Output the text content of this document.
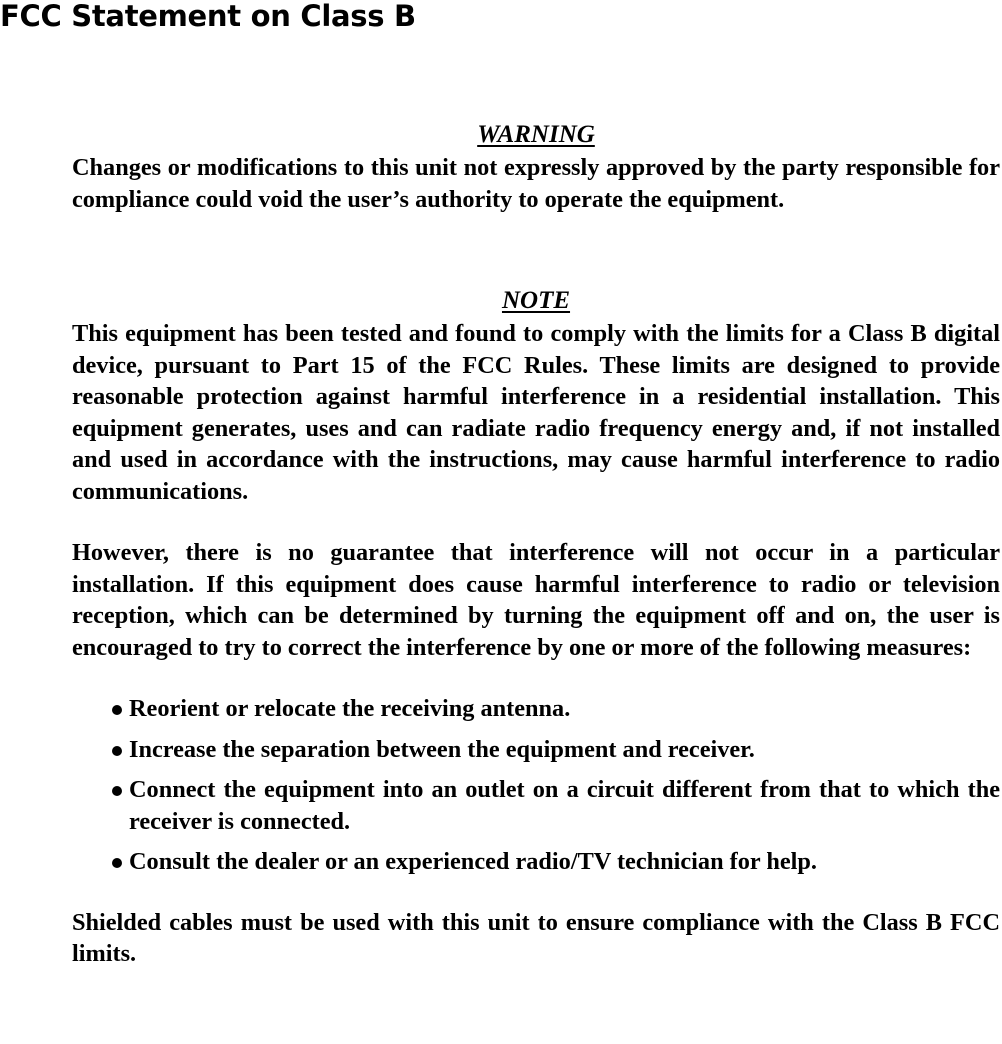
FCC Statement on Class B
WARNING

Changes or modifications to this unit not expressly approved by the party responsible for compliance could void the user’s authority to operate the equipment.

NOTE

This equipment has been tested and found to comply with the limits for a Class B digital device, pursuant to Part 15 of the FCC Rules. These limits are designed to provide reasonable protection against harmful interference in a residential installation. This equipment generates, uses and can radiate radio frequency energy and, if not installed and used in accordance with the instructions, may cause harmful interference to radio communications.

However, there is no guarantee that interference will not occur in a particular installation. If this equipment does cause harmful interference to radio or television reception, which can be determined by turning the equipment off and on, the user is encouraged to try to correct the interference by one or more of the following measures:

Reorient or relocate the receiving antenna.
Increase the separation between the equipment and receiver.
Connect the equipment into an outlet on a circuit different from that to which the receiver is connected.
Consult the dealer or an experienced radio/TV technician for help.

Shielded cables must be used with this unit to ensure compliance with the Class B FCC limits.
